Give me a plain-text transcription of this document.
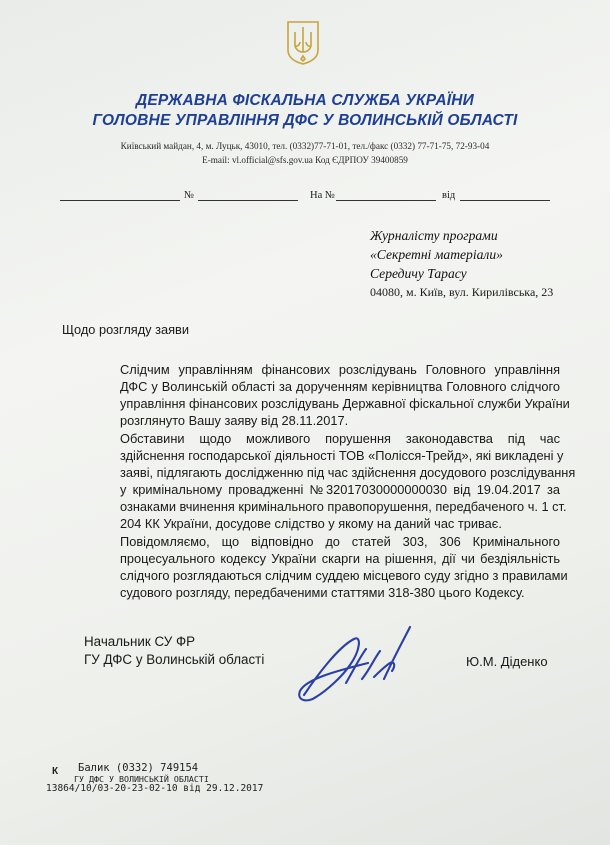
ДЕРЖАВНА ФІСКАЛЬНА СЛУЖБА УКРАЇНИ
ГОЛОВНЕ УПРАВЛІННЯ ДФС У ВОЛИНСЬКІЙ ОБЛАСТІ
Київський майдан, 4, м. Луцьк, 43010, тел. (0332)77-71-01, тел./факс (0332) 77-71-75, 72-93-04
E-mail: vl.official@sfs.gov.ua Код ЄДРПОУ 39400859
№	На №	від
Журналісту програми
«Секретні матеріали»
Середичу Тарасу
04080, м. Київ, вул. Кирилівська, 23
Щодо розгляду заяви
Слідчим управлінням фінансових розслідувань Головного управління
ДФС у Волинській області за дорученням керівництва Головного слідчого
управління фінансових розслідувань Державної фіскальної служби України
розглянуто Вашу заяву від 28.11.2017.
Обставини щодо можливого порушення законодавства під час
здійснення господарської діяльності ТОВ «Полісся-Трейд», які викладені у
заяві, підлягають дослідженню під час здійснення досудового розслідування
у кримінальному провадженні №32017030000000030 від 19.04.2017 за
ознаками вчинення кримінального правопорушення, передбаченого ч. 1 ст.
204 КК України, досудове слідство у якому на даний час триває.
Повідомляємо, що відповідно до статей 303, 306 Кримінального
процесуального кодексу України скарги на рішення, дії чи бездіяльність
слідчого розглядаються слідчим суддею місцевого суду згідно з правилами
судового розгляду, передбаченими статтями 318-380 цього Кодексу.
Начальник СУ ФР
ГУ ДФС у Волинській області	Ю.М. Діденко
К Балик (0332) 749154
ГУ ДФС У ВОЛИНСЬКІЙ ОБЛАСТІ
13864/10/03-20-23-02-10 від 29.12.2017
